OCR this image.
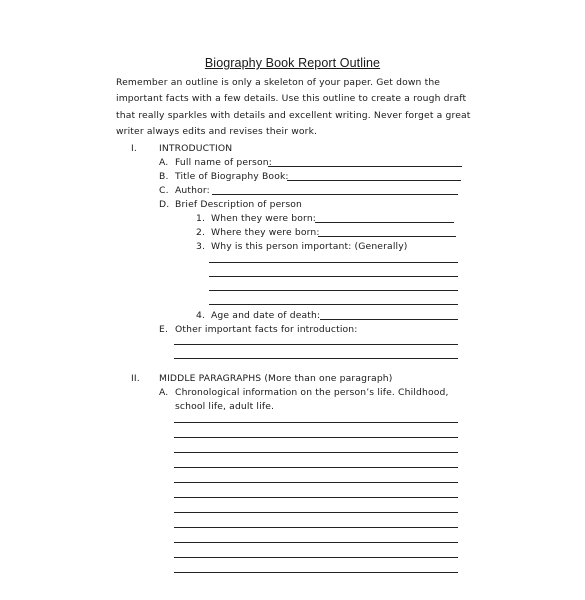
Biography Book Report Outline
Remember an outline is only a skeleton of your paper. Get down the important facts with a few details. Use this outline to create a rough draft that really sparkles with details and excellent writing. Never forget a great writer always edits and revises their work.
I. INTRODUCTION
A. Full name of person:
B. Title of Biography Book:
C. Author:
D. Brief Description of person
1. When they were born:
2. Where they were born:
3. Why is this person important: (Generally)
4. Age and date of death:
E. Other important facts for introduction:
II. MIDDLE PARAGRAPHS (More than one paragraph)
A. Chronological information on the person’s life. Childhood,
school life, adult life.
